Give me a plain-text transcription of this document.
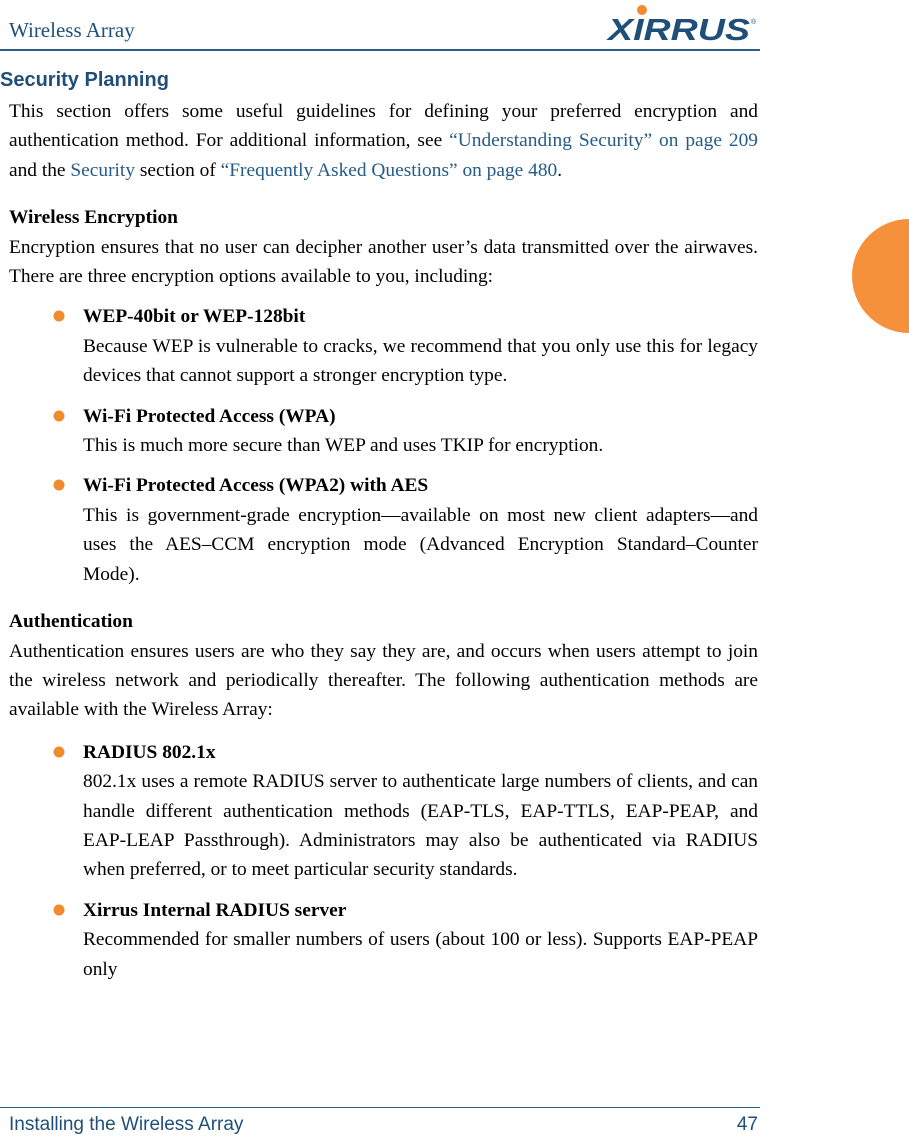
Wireless Array	XIRRUS ®
Security Planning

This section offers some useful guidelines for defining your preferred encryption and authentication method. For additional information, see “Understanding Security” on page 209 and the Security section of “Frequently Asked Questions” on page 480.

Wireless Encryption

Encryption ensures that no user can decipher another user’s data transmitted over the airwaves. There are three encryption options available to you, including:

WEP-40bit or WEP-128bit
Because WEP is vulnerable to cracks, we recommend that you only use this for legacy devices that cannot support a stronger encryption type.
Wi-Fi Protected Access (WPA)
This is much more secure than WEP and uses TKIP for encryption.
Wi-Fi Protected Access (WPA2) with AES
This is government-grade encryption—available on most new client adapters—and uses the AES–CCM encryption mode (Advanced Encryption Standard–Counter Mode).
Authentication

Authentication ensures users are who they say they are, and occurs when users attempt to join the wireless network and periodically thereafter. The following authentication methods are available with the Wireless Array:

RADIUS 802.1x
802.1x uses a remote RADIUS server to authenticate large numbers of clients, and can handle different authentication methods (EAP-TLS, EAP-TTLS, EAP-PEAP, and EAP-LEAP Passthrough). Administrators may also be authenticated via RADIUS when preferred, or to meet particular security standards.
Xirrus Internal RADIUS server
Recommended for smaller numbers of users (about 100 or less). Supports EAP-PEAP only
Installing the Wireless Array	47
